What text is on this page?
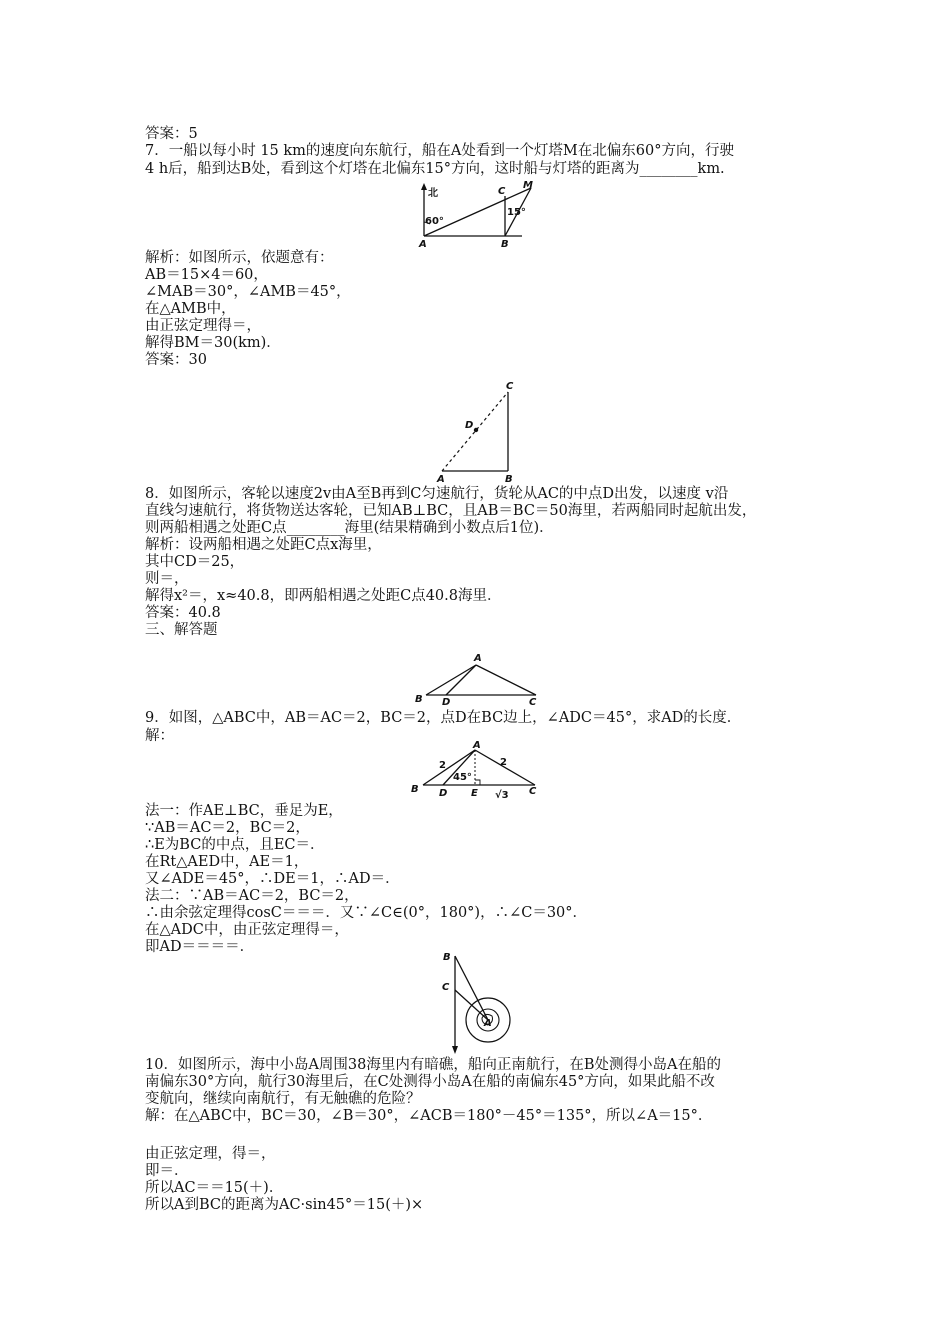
答案：5
7．一船以每小时 15 km的速度向东航行，船在A处看到一个灯塔M在北偏东60°方向，行驶
4 h后，船到达B处，看到这个灯塔在北偏东15°方向，这时船与灯塔的距离为________km.
北
60°
15°
A	B
C
M
解析：如图所示，依题意有：
AB＝15×4＝60，
∠MAB＝30°，∠AMB＝45°，
在△AMB中，
由正弦定理得＝，
解得BM＝30(km)．
答案：30
A	B
C
D
8．如图所示，客轮以速度2v由A至B再到C匀速航行，货轮从AC的中点D出发，以速度 v沿
直线匀速航行，将货物送达客轮，已知AB⊥BC，且AB＝BC＝50海里，若两船同时起航出发，
则两船相遇之处距C点________海里(结果精确到小数点后1位)．
解析：设两船相遇之处距C点x海里，
其中CD＝25，
则＝，
解得x²＝，x≈40.8，即两船相遇之处距C点40.8海里．
答案：40.8
三、解答题
A
B	C
D
9．如图，△ABC中，AB＝AC＝2，BC＝2，点D在BC边上，∠ADC＝45°，求AD的长度．
解：
A
B	C
D E
2	2
45°
√3
法一：作AE⊥BC，垂足为E，
∵AB＝AC＝2，BC＝2，
∴E为BC的中点，且EC＝．
在Rt△AED中，AE＝1，
又∠ADE＝45°，∴DE＝1，∴AD＝．
法二：∵AB＝AC＝2，BC＝2，
∴由余弦定理得cosC＝＝＝．又∵∠C∈(0°，180°)，∴∠C＝30°．
在△ADC中，由正弦定理得＝，
即AD＝＝＝＝．
A
B
C
10．如图所示，海中小岛A周围38海里内有暗礁，船向正南航行，在B处测得小岛A在船的
南偏东30°方向，航行30海里后，在C处测得小岛A在船的南偏东45°方向，如果此船不改
变航向，继续向南航行，有无触礁的危险？
解：在△ABC中，BC＝30，∠B＝30°，∠ACB＝180°－45°＝135°，所以∠A＝15°．
由正弦定理，得＝，
即＝．
所以AC＝＝15(＋)．
所以A到BC的距离为AC·sin45°＝15(＋)×
